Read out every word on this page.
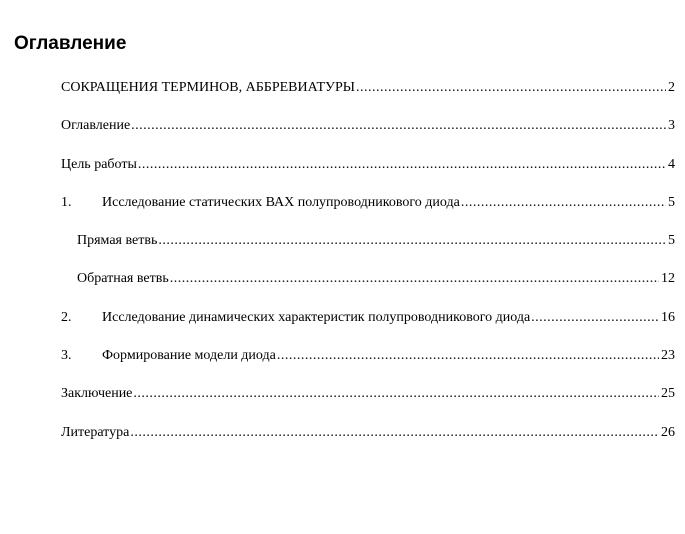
Оглавление
СОКРАЩЕНИЯ ТЕРМИНОВ, АББРЕВИАТУРЫ .....	2
Оглавление .....	3
Цель работы .....	4
1.	Исследование статических ВАХ полупроводникового диода .....	5
Прямая ветвь .....	5
Обратная ветвь .....	12
2.	Исследование динамических характеристик полупроводникового диода .....	16
3.	Формирование модели диода .....	23
Заключение .....	25
Литература .....	26
